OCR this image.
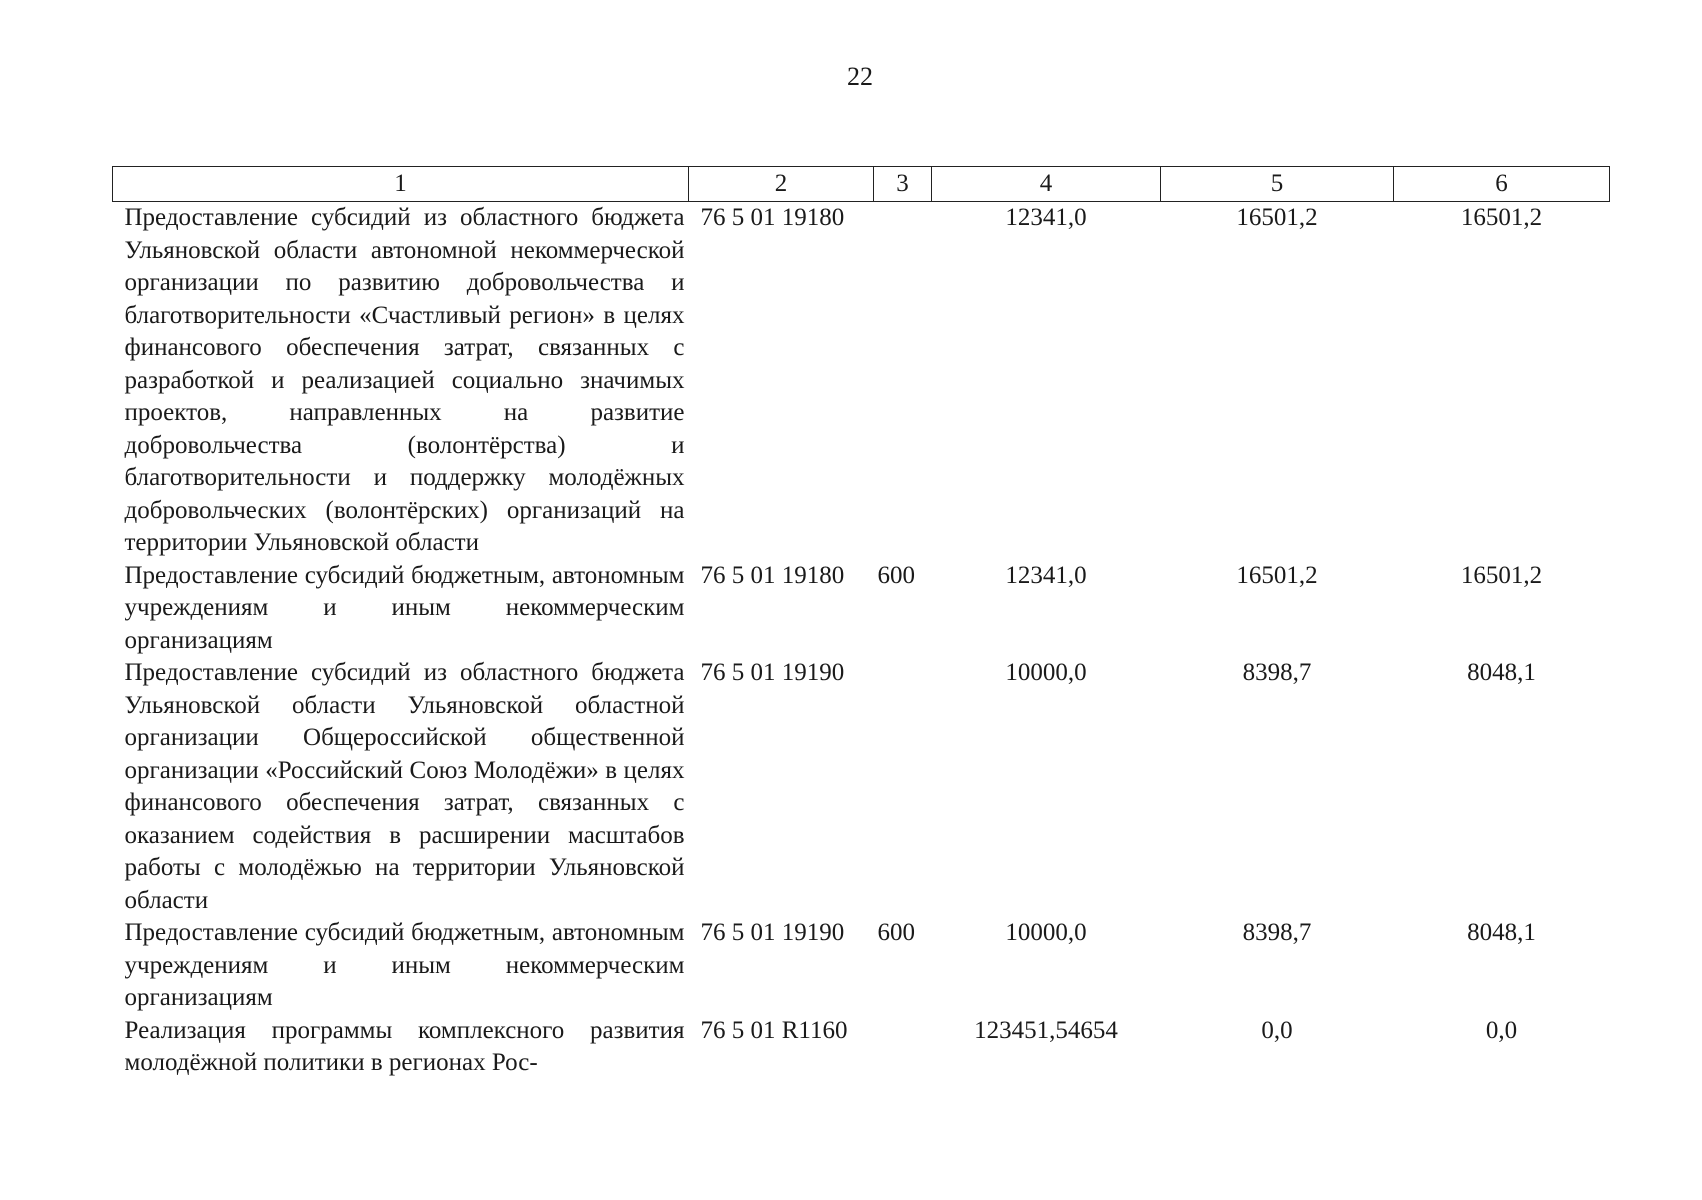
22
1	2	3	4	5	6
Предоставление субсидий из областного бюджета Ульяновской области автономной некоммерческой организации по развитию добровольчества и благотворительности «Счастливый регион» в целях финансового обеспечения затрат, связанных с разработкой и реализацией социально значимых проектов, направленных на развитие добровольчества (волонтёрства) и благотворительности и поддержку молодёжных добровольческих (волонтёрских) организаций на территории Ульяновской области	76 5 01 19180		12341,0	16501,2	16501,2
Предоставление субсидий бюджетным, автономным учреждениям и иным некоммерческим организациям	76 5 01 19180	600	12341,0	16501,2	16501,2
Предоставление субсидий из областного бюджета Ульяновской области Ульяновской областной организации Общероссийской общественной организации «Российский Союз Молодёжи» в целях финансового обеспечения затрат, связанных с оказанием содействия в расширении масштабов работы с молодёжью на территории Ульяновской области	76 5 01 19190		10000,0	8398,7	8048,1
Предоставление субсидий бюджетным, автономным учреждениям и иным некоммерческим организациям	76 5 01 19190	600	10000,0	8398,7	8048,1
Реализация программы комплексного развития молодёжной политики в регионах Рос-	76 5 01 R1160		123451,54654	0,0	0,0
